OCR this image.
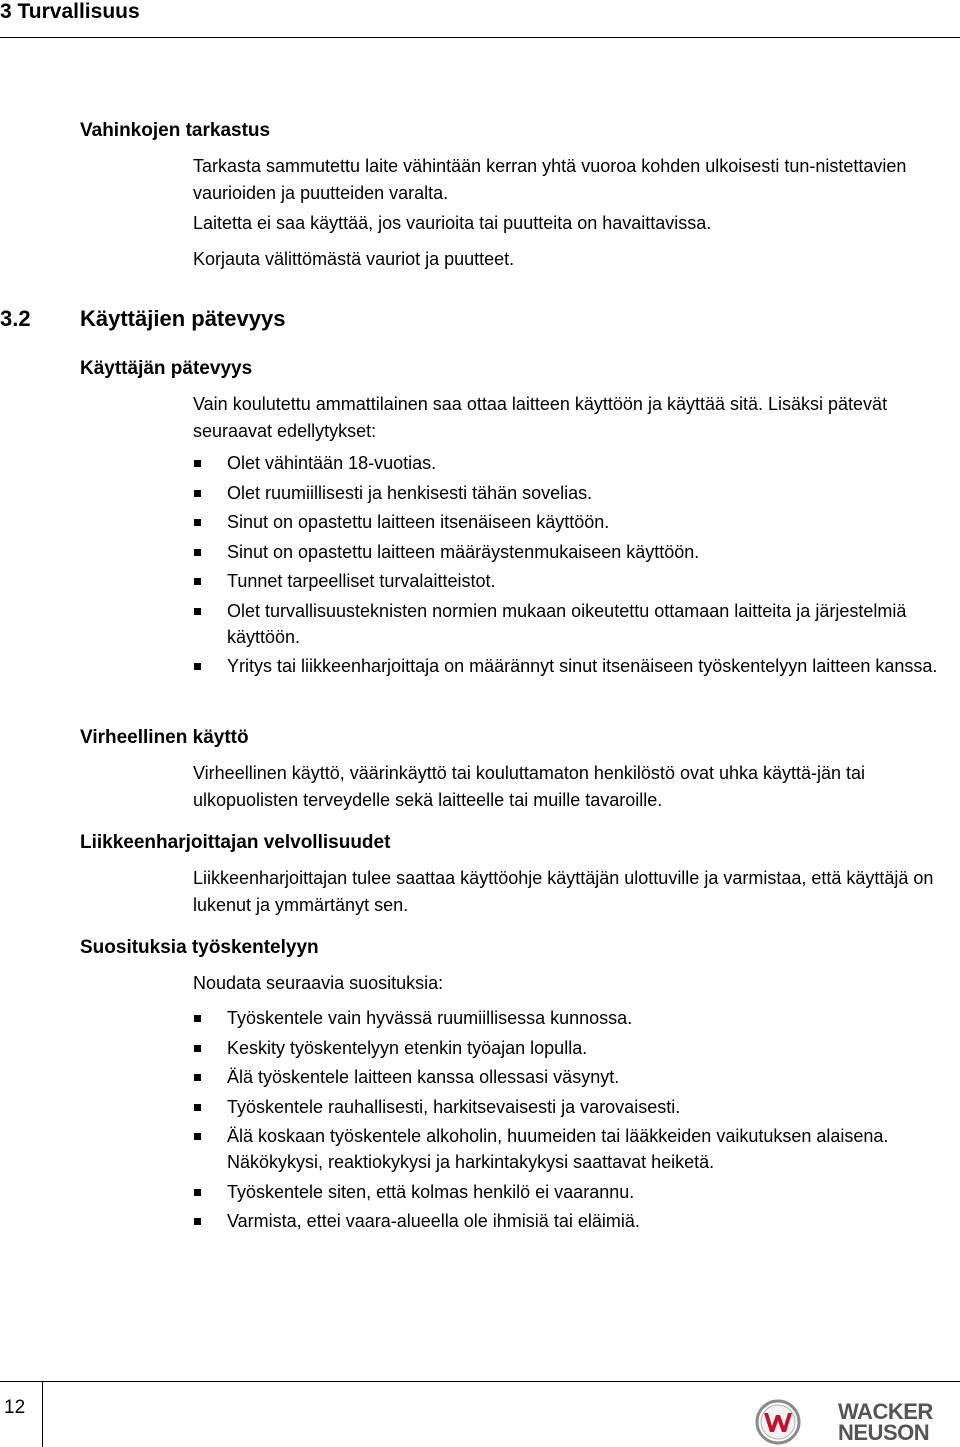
3 Turvallisuus
Vahinkojen tarkastus

Tarkasta sammutettu laite vähintään kerran yhtä vuoroa kohden ulkoisesti tun-nistettavien vaurioiden ja puutteiden varalta.

Laitetta ei saa käyttää, jos vaurioita tai puutteita on havaittavissa.

Korjauta välittömästä vauriot ja puutteet.

3.2 Käyttäjien pätevyys
Käyttäjän pätevyys

Vain koulutettu ammattilainen saa ottaa laitteen käyttöön ja käyttää sitä. Lisäksi pätevät seuraavat edellytykset:

Olet vähintään 18-vuotias.
Olet ruumiillisesti ja henkisesti tähän sovelias.
Sinut on opastettu laitteen itsenäiseen käyttöön.
Sinut on opastettu laitteen määräystenmukaiseen käyttöön.
Tunnet tarpeelliset turvalaitteistot.
Olet turvallisuusteknisten normien mukaan oikeutettu ottamaan laitteita ja järjestelmiä käyttöön.
Yritys tai liikkeenharjoittaja on määrännyt sinut itsenäiseen työskentelyyn laitteen kanssa.
Virheellinen käyttö

Virheellinen käyttö, väärinkäyttö tai kouluttamaton henkilöstö ovat uhka käyttä-jän tai ulkopuolisten terveydelle sekä laitteelle tai muille tavaroille.

Liikkeenharjoittajan velvollisuudet

Liikkeenharjoittajan tulee saattaa käyttöohje käyttäjän ulottuville ja varmistaa, että käyttäjä on lukenut ja ymmärtänyt sen.

Suosituksia työskentelyyn

Noudata seuraavia suosituksia:

Työskentele vain hyvässä ruumiillisessa kunnossa.
Keskity työskentelyyn etenkin työajan lopulla.
Älä työskentele laitteen kanssa ollessasi väsynyt.
Työskentele rauhallisesti, harkitsevaisesti ja varovaisesti.
Älä koskaan työskentele alkoholin, huumeiden tai lääkkeiden vaikutuksen alaisena. Näkökykysi, reaktiokykysi ja harkintakykysi saattavat heiketä.
Työskentele siten, että kolmas henkilö ei vaarannu.
Varmista, ettei vaara-alueella ole ihmisiä tai eläimiä.
12	WACKER
NEUSON
